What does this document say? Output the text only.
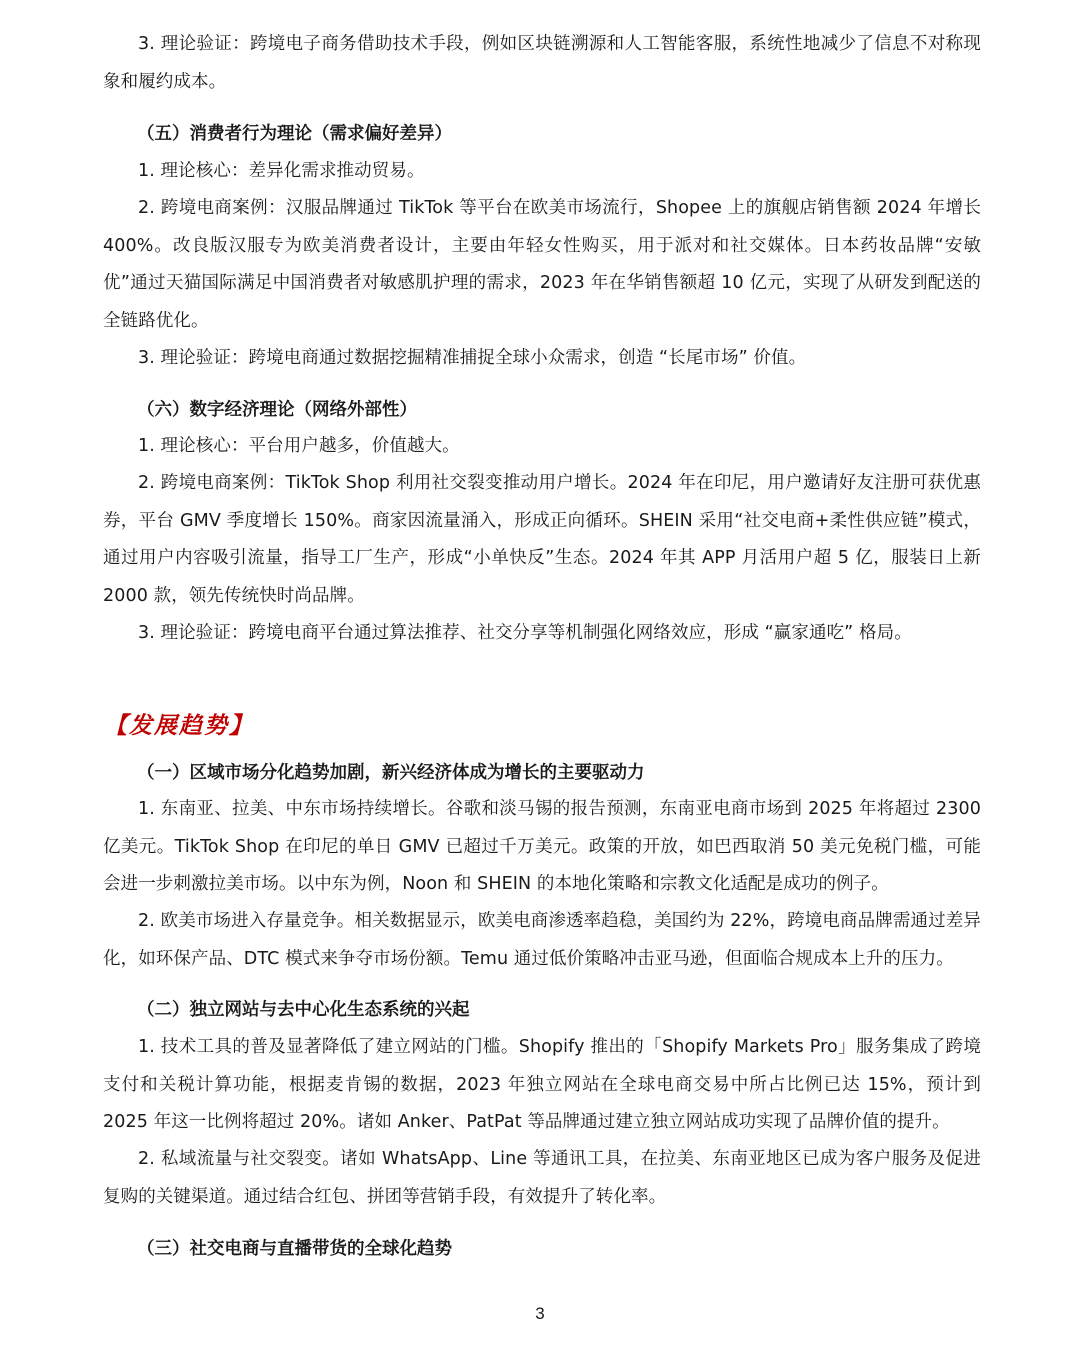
3. 理论验证：跨境电子商务借助技术手段，例如区块链溯源和人工智能客服，系统性地减少了信息不对称现象和履约成本。

（五）消费者行为理论（需求偏好差异）

1. 理论核心：差异化需求推动贸易。

2. 跨境电商案例：汉服品牌通过 TikTok 等平台在欧美市场流行，Shopee 上的旗舰店销售额 2024 年增长 400%。改良版汉服专为欧美消费者设计，主要由年轻女性购买，用于派对和社交媒体。日本药妆品牌“安敏优”通过天猫国际满足中国消费者对敏感肌护理的需求，2023 年在华销售额超 10 亿元，实现了从研发到配送的全链路优化。

3. 理论验证：跨境电商通过数据挖掘精准捕捉全球小众需求，创造 “长尾市场” 价值。

（六）数字经济理论（网络外部性）

1. 理论核心：平台用户越多，价值越大。

2. 跨境电商案例：TikTok Shop 利用社交裂变推动用户增长。2024 年在印尼，用户邀请好友注册可获优惠券，平台 GMV 季度增长 150%。商家因流量涌入，形成正向循环。SHEIN 采用“社交电商+柔性供应链”模式，通过用户内容吸引流量，指导工厂生产，形成“小单快反”生态。2024 年其 APP 月活用户超 5 亿，服装日上新 2000 款，领先传统快时尚品牌。

3. 理论验证：跨境电商平台通过算法推荐、社交分享等机制强化网络效应，形成 “赢家通吃” 格局。

【发展趋势】

（一）区域市场分化趋势加剧，新兴经济体成为增长的主要驱动力

1. 东南亚、拉美、中东市场持续增长。谷歌和淡马锡的报告预测，东南亚电商市场到 2025 年将超过 2300 亿美元。TikTok Shop 在印尼的单日 GMV 已超过千万美元。政策的开放，如巴西取消 50 美元免税门槛，可能会进一步刺激拉美市场。以中东为例，Noon 和 SHEIN 的本地化策略和宗教文化适配是成功的例子。

2. 欧美市场进入存量竞争。相关数据显示，欧美电商渗透率趋稳，美国约为 22%，跨境电商品牌需通过差异化，如环保产品、DTC 模式来争夺市场份额。Temu 通过低价策略冲击亚马逊，但面临合规成本上升的压力。

（二）独立网站与去中心化生态系统的兴起

1. 技术工具的普及显著降低了建立网站的门槛。Shopify 推出的「Shopify Markets Pro」服务集成了跨境支付和关税计算功能，根据麦肯锡的数据，2023 年独立网站在全球电商交易中所占比例已达 15%，预计到 2025 年这一比例将超过 20%。诸如 Anker、PatPat 等品牌通过建立独立网站成功实现了品牌价值的提升。

2. 私域流量与社交裂变。诸如 WhatsApp、Line 等通讯工具，在拉美、东南亚地区已成为客户服务及促进复购的关键渠道。通过结合红包、拼团等营销手段，有效提升了转化率。

（三）社交电商与直播带货的全球化趋势

3
